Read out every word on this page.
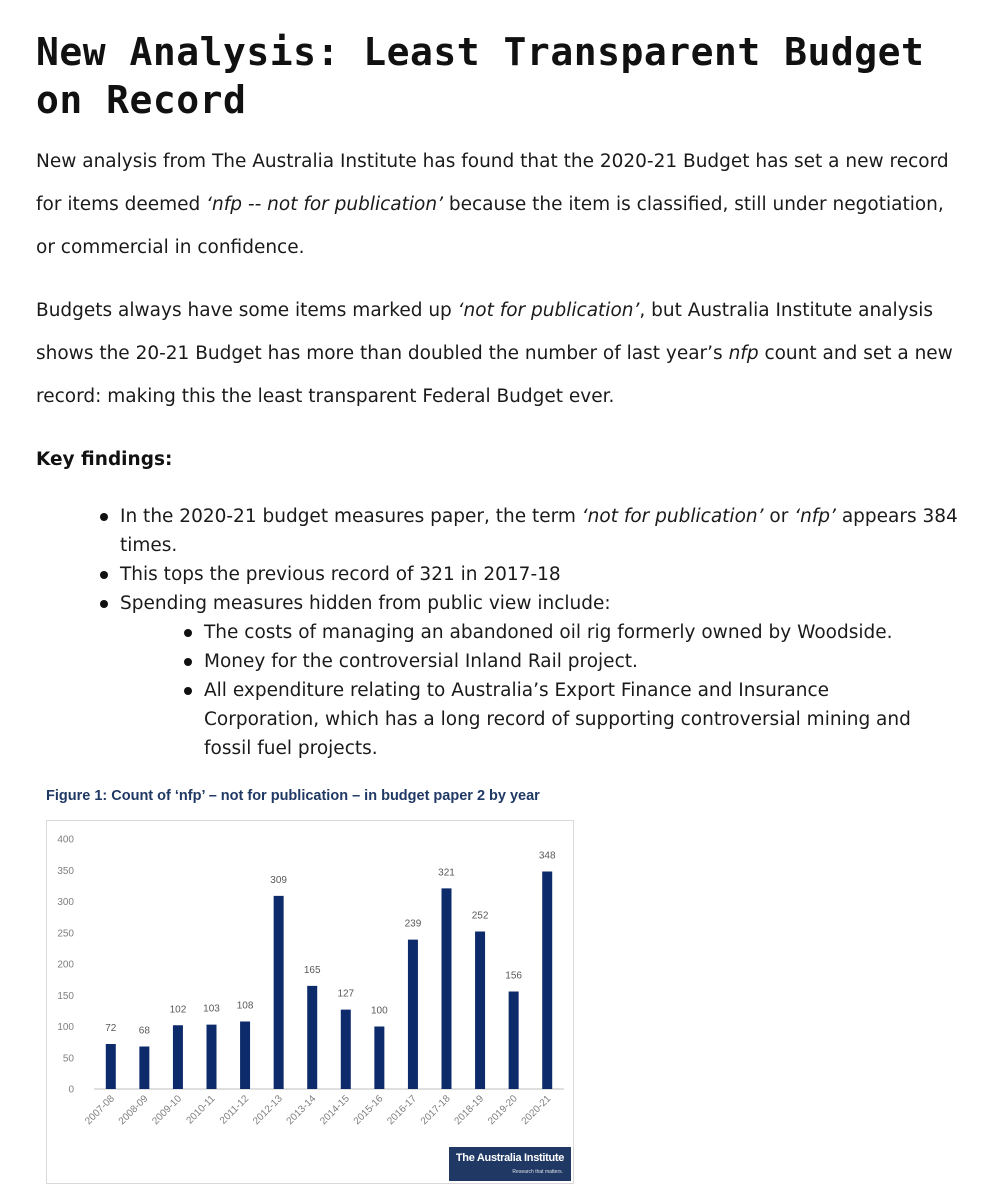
New Analysis: Least Transparent Budget on Record

New analysis from The Australia Institute has found that the 2020-21 Budget has set a new record for items deemed ‘nfp -- not for publication’ because the item is classified, still under negotiation, or commercial in confidence.

Budgets always have some items marked up ‘not for publication’, but Australia Institute analysis shows the 20-21 Budget has more than doubled the number of last year’s nfp count and set a new record: making this the least transparent Federal Budget ever.

Key findings:

In the 2020-21 budget measures paper, the term ‘not for publication’ or ‘nfp’ appears 384 times.
This tops the previous record of 321 in 2017-18
Spending measures hidden from public view include:
The costs of managing an abandoned oil rig formerly owned by Woodside.
Money for the controversial Inland Rail project.
All expenditure relating to Australia’s Export Finance and Insurance Corporation, which has a long record of supporting controversial mining and fossil fuel projects.

Figure 1: Count of ‘nfp’ – not for publication – in budget paper 2 by year

0
50
100
150
200
250
300
350
400
72
2007-08
68
2008-09
102
2009-10
103
2010-11
108
2011-12
309
2012-13
165
2013-14
127
2014-15
100
2015-16
239
2016-17
321
2017-18
252
2018-19
156
2019-20
348
2020-21
The Australia Institute
Research that matters.
